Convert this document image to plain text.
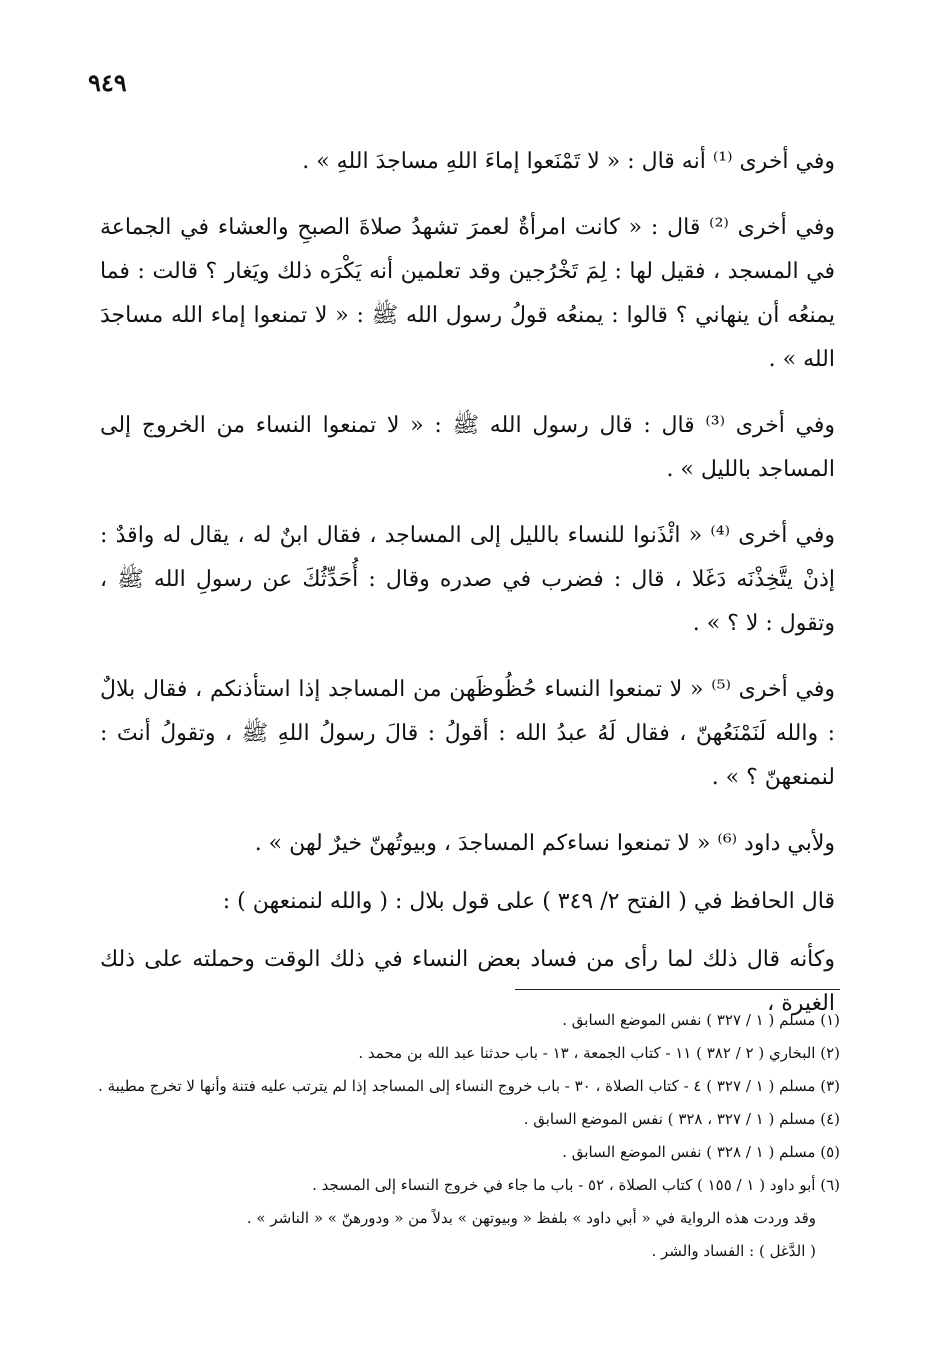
٩٤٩

وفي أخرى ⁽¹⁾ أنه قال : « لا تَمْنَعوا إماءَ اللهِ مساجدَ اللهِ » .

وفي أخرى ⁽²⁾ قال : « كانت امرأةٌ لعمرَ تشهدُ صلاةَ الصبحِ والعشاء في الجماعة في المسجد ، فقيل لها : لِمَ تَخْرُجين وقد تعلمين أنه يَكْرَه ذلك ويَغار ؟ قالت : فما يمنعُه أن ينهاني ؟ قالوا : يمنعُه قولُ رسول الله ﷺ : « لا تمنعوا إماء الله مساجدَ الله » .

وفي أخرى ⁽³⁾ قال : قال رسول الله ﷺ : « لا تمنعوا النساء من الخروج إلى المساجد بالليل » .

وفي أخرى ⁽⁴⁾ « ائْذَنوا للنساء بالليل إلى المساجد ، فقال ابنٌ له ، يقال له واقدٌ : إذنْ يتَّخِذْنَه دَغَلا ، قال : فضرب في صدره وقال : أُحَدِّثُكَ عن رسولِ الله ﷺ ، وتقول : لا ؟ » .

وفي أخرى ⁽⁵⁾ « لا تمنعوا النساء حُظُوظَهن من المساجد إذا استأذنكم ، فقال بلالٌ : والله لَنَمْنَعُهنّ ، فقال لَهُ عبدُ الله : أقولُ : قالَ رسولُ اللهِ ﷺ ، وتقولُ أنتَ : لنمنعهنّ ؟ » .

ولأبي داود ⁽⁶⁾ « لا تمنعوا نساءكم المساجدَ ، وبيوتُهنّ خيرٌ لهن » .

قال الحافظ في ( الفتح ٢/ ٣٤٩ ) على قول بلال : ( والله لنمنعهن ) :

وكأنه قال ذلك لما رأى من فساد بعض النساء في ذلك الوقت وحملته على ذلك الغيرة ،

(١) مسلم ( ١ / ٣٢٧ ) نفس الموضع السابق .
(٢) البخاري ( ٢ / ٣٨٢ ) ١١ - كتاب الجمعة ، ١٣ - باب حدثنا عبد الله بن محمد .
(٣) مسلم ( ١ / ٣٢٧ ) ٤ - كتاب الصلاة ، ٣٠ - باب خروج النساء إلى المساجد إذا لم يترتب عليه فتنة وأنها لا تخرج مطيبة .
(٤) مسلم ( ١ / ٣٢٧ ، ٣٢٨ ) نفس الموضع السابق .
(٥) مسلم ( ١ / ٣٢٨ ) نفس الموضع السابق .
(٦) أبو داود ( ١ / ١٥٥ ) كتاب الصلاة ، ٥٢ - باب ما جاء في خروج النساء إلى المسجد .
وقد وردت هذه الرواية في « أبي داود » بلفظ « وبيوتهن » بدلاً من « ودورهنّ » « الناشر » .
( الدَّغل ) : الفساد والشر .
